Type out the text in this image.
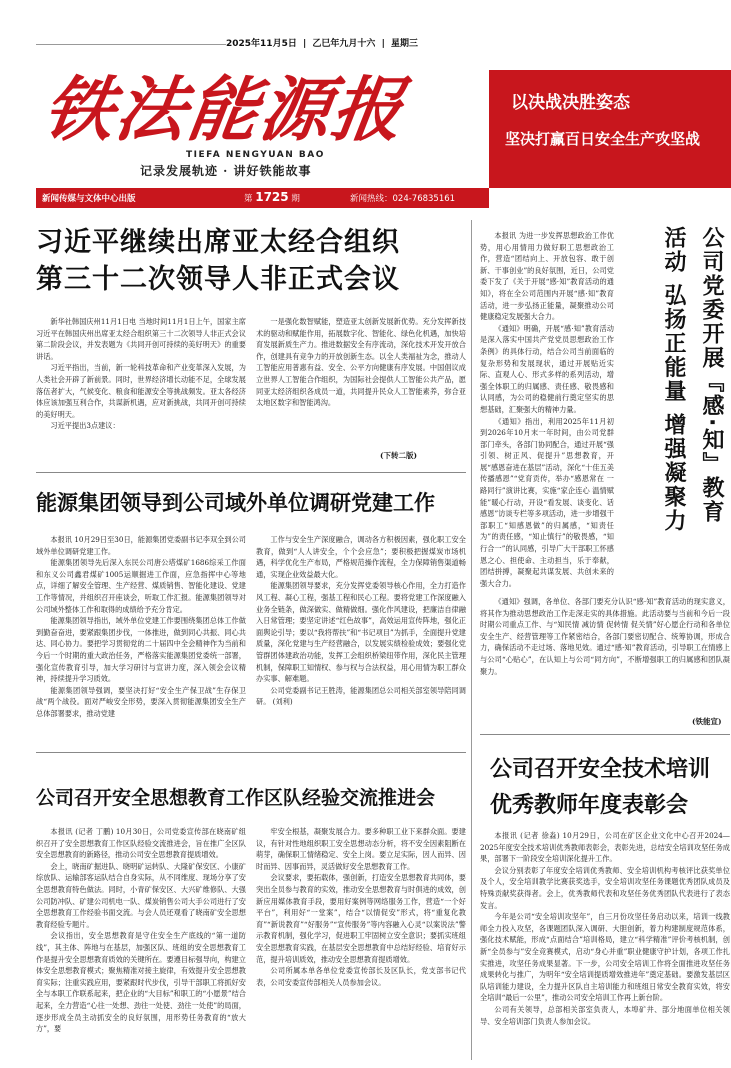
2025年11月5日 | 乙巳年九月十六 | 星期三
铁法能源报
TIEFA NENGYUAN BAO
记录发展轨迹 · 讲好铁能故事
以决战决胜姿态
坚决打赢百日安全生产攻坚战
新闻传媒与文体中心出版	第 1725 期	新闻热线：024-76835161
习近平继续出席亚太经合组织
第三十二次领导人非正式会议

新华社韩国庆州11月1日电 当地时间11月1日上午，国家主席习近平在韩国庆州出席亚太经合组织第三十二次领导人非正式会议第二阶段会议，并发表题为《共同开创可持续的美好明天》的重要讲话。

习近平指出，当前，新一轮科技革命和产业变革深入发展，为人类社会开辟了新前景。同时，世界经济增长动能不足，全球发展落伍者扩大，气候变化、粮食和能源安全等挑战频发。亚太各经济体应该加强互利合作，共谋新机遇，应对新挑战，共同开创可持续的美好明天。

习近平提出3点建议：

一是强化数智赋能，塑造亚太创新发展新优势。充分发挥新技术的驱动和赋能作用，拓展数字化、智能化、绿色化机遇，加快培育发展新质生产力。推进数据安全有序流动，深化技术开发开放合作，创建具有竞争力的开放创新生态。以全人类福祉为念，推动人工智能应用普惠有益、安全、公平方向健康有序发展。中国倡议成立世界人工智能合作组织，为国际社会提供人工智能公共产品，愿同亚太经济组织各成员一道，共同提升民众人工智能素养，弥合亚太地区数字和智能鸿沟。

(下转二版)
能源集团领导到公司域外单位调研党建工作

本报讯 10月29日至30日，能源集团党委副书记李双全到公司域外单位调研党建工作。

能源集团领导先后深入东民公司唐公塔煤矿1686综采工作面和东义公司鑫君煤矿1005运顺掘进工作面，应急指挥中心等地点，详细了解安全管理、生产经营、煤质销售、智能化建设、党建工作等情况，并组织召开座谈会，听取工作汇报。能源集团领导对公司域外整体工作和取得的成绩给予充分肯定。

能源集团领导指出，域外单位党建工作要围绕集团总体工作做到勤奋奋进，要紧跟集团步伐，一体推进，做到同心共振、同心共达、同心协力。要把学习贯彻党的二十届四中全会精神作为当前和今后一个时期的重大政治任务，严格落实能源集团党委统一部署，强化宣传教育引导，加大学习研讨与宣讲力度，深入领会会议精神，持续提升学习质效。

能源集团领导强调，要坚决打好“安全生产保卫战”生存保卫战“两个战役。面对严峻安全形势，要深入贯彻能源集团安全生产总体部署要求，推动党建

工作与安全生产深度融合，调动各方积极因素，强化职工安全教育，做到“人人讲安全，个个会应急”；要积极把握煤炭市场机遇，科学优化生产布局，严格规范操作流程，全力保障销售渠道畅通，实现企业效益最大化。

能源集团领导要求，充分发挥党委领导核心作用，全力打造作风工程、凝心工程，强基工程和民心工程。要将党建工作深度融入业务全链条，做深做实、做精做细。强化作风建设，把廉洁自律融入日常管理；要坚定讲述“红色故事”，高效运用宣传阵地，强化正面舆论引导；要以“我将帮扶”和“书记项目”为抓手，全面提升党建质量，深化党建与生产经营融合，以发展实绩检验成效；要强化党管群团体建政治功能，发挥工会组织桥梁纽带作用，深化民主管理机制，保障职工知情权、参与权与合法权益，用心用情为职工群众办实事、解难题。

公司党委副书记王胜涛，能源集团总公司相关部室领导陪同调研。 (刘利)

公司召开安全思想教育工作区队经验交流推进会

本报讯 (记者 丁鹏) 10月30日，公司党委宣传部在晓南矿组织召开了安全思想教育工作区队经验交流推进会，旨在推广全区队安全思想教育的新路径，推动公司安全思想教育提质增效。

会上，晓南矿掘进队、晓明矿运转队、大隆矿保安区、小康矿综放队、运输部客运队结合自身实际，从不同维度、现场分享了安全思想教育特色做法。同时，小青矿保安区、大兴矿维修队、大强公司防冲队、矿建公司机电一队、煤炭销售公司大手公司进行了安全思想教育工作经验书面交流。与会人员还观看了晓南矿安全思想教育经验专题片。

会议指出，安全思想教育是守住安全生产底线的“第一道防线”，其主体、阵地与在基层，加强区队、班组的安全思想教育工作是提升安全思想教育质效的关键所在。要遵目标强导向，构建立体安全思想教育模式；聚焦精准对接主旋律，有效提升安全思想教育实际；注重实践应用，要紧跟时代步伐，引导干部职工将抓好安全与本职工作联系起来，把企业的“大目标”和职工的“小愿景”结合起来，全力营造“心往一处想、劲往一处使、劲往一处使”的局面，逐步形成全员主动抓安全的良好氛围，用形势任务教育的“放大方”，要

牢安全根基，凝聚发展合力。要多种职工业下来群众面。要建议，有针对性地组织职工安全思想动态分析，将不安全因素阻断在萌芽，确保职工情绪稳定、安全上岗。要立足实际，因人而异、因时而异、因事而异，灵活做好安全思想教育工作。

会议要求，要拓载体，强创新，打造安全思想教育共同体，要突出全员参与教育的实效，推动安全思想教育与时俱进的成效，创新应用媒体教育手段，要用好案例等网络服务工作，营造“一个好平台”，利用好“一堂案”，结合“以情促安”形式，将“重复化教育”“新说教育”“好服务”“宣传服务”等内容融入心灵“以案说法”警示教育机制，强化学习，促进职工牢固树立安全意识；要抓实班组安全思想教育实践，在基层安全思想教育中总结好经验、培育好示范，提升培训质效，推动安全思想教育提质增效。

公司所属本单各单位党委宣传部长及区队长，党支部书记代表，公司安委宣传部相关人员参加会议。

公司党委开展『感·知』教育
活动 弘扬正能量 增强凝聚力

本报讯 为进一步发挥思想政治工作优势，用心用情用力做好职工思想政治工作，营造“团结向上、开放包容、敢于创新、干事创业”的良好氛围，近日，公司党委下发了《关于开展“感·知”教育活动的通知》，将在全公司范围内开展“感·知”教育活动，进一步弘扬正能量，凝聚推动公司健康稳定发展强大合力。

《通知》明确，开展“感·知”教育活动是深入落实中国共产党党员思想政治工作条例》的具体行动，结合公司当前面临的复杂形势和发展现状，通过开展贴近实际、直观人心、形式多样的系列活动，增强全体职工的归属感、责任感、敬畏感和认同感，为公司的稳健前行奠定坚实的思想基础，汇聚强大的精神力量。

《通知》指出，利用2025年11月初到2026年10月末一年时间，由公司党群部门牵头，各部门协同配合，通过开展“强引领、树正风、促提升”思想教育，开展“感恩奋进在基层”活动，深化“十佳五美传播感恩”“党育贡传，举办“感恩常在 一路同行”演讲比赛，实施“家企连心 温情赋能”暖心行动，开设“看发展、谈变化、话感恩”访谈专栏等多项活动，进一步增强干部职工“知感恩做”的归属感，“知责任为”的责任感，“知止慎行”的敬畏感，“知行合一”的认同感，引导广大干部职工怀感恩之心、担使命、主动担当，乐于奉献，团结拼搏，凝聚起共谋发展、共创未来的强大合力。

《通知》强调，各单位、各部门要充分认识“感·知”教育活动的现实意义，将其作为推动思想政治工作走深走实的具体措施。此活动要与当前和今后一段时期公司重点工作、与“知民情 减访情 促转情 促关情”好心愿企行动和各单位安全生产、经营管理等工作紧密结合，各部门要密切配合、统筹协调，形成合力，确保活动不走过场、落地见效。通过“感·知”教育活动，引导职工在情感上与公司“心贴心”，在认知上与公司“同方向”，不断增强职工的归属感和团队凝聚力。

(铁能宣)
公司召开安全技术培训
优秀教师年度表彰会

本报讯 (记者 徐淼) 10月29日，公司在矿区企业文化中心召开2024—2025年度安全技术培训优秀教师表彰会，表彰先进，总结安全培训攻坚任务成果，部署下一阶段安全培训深化提升工作。

会议分别表彰了年度安全培训优秀教师、安全培训机构考核评比获奖单位及个人，安全培训教学比赛获奖选手，安全培训攻坚任务课题优秀团队成员及特殊贡献奖获得者。会上，优秀教师代表和攻坚任务优秀团队代表进行了表态发言。

今年是公司“安全培训攻坚年”，自三月份攻坚任务启动以来，培训一线教师全力投入攻坚，各课题团队深入调研、大胆创新，着力构建制度规范体系，强化技术赋能，形成“点面结合”培训格局，建立“科学精准”评价考核机制，创新“全员参与”安全竞赛模式，启动“身心并重”职业健康守护计划，各项工作扎实推进，攻坚任务成果显著。下一步，公司安全培训工作将全面推进攻坚任务成果转化与推广，为明年“安全培训提质增效推进年”奠定基础。要激发基层区队培训能力建设，全力提升区队自主培训能力和班组日常安全教育实效，将安全培训“最后一公里”，推动公司安全培训工作再上新台阶。

公司有关领导，总部相关部室负责人，本埠矿井、部分地面单位相关领导、安全培训部门负责人参加会议。
